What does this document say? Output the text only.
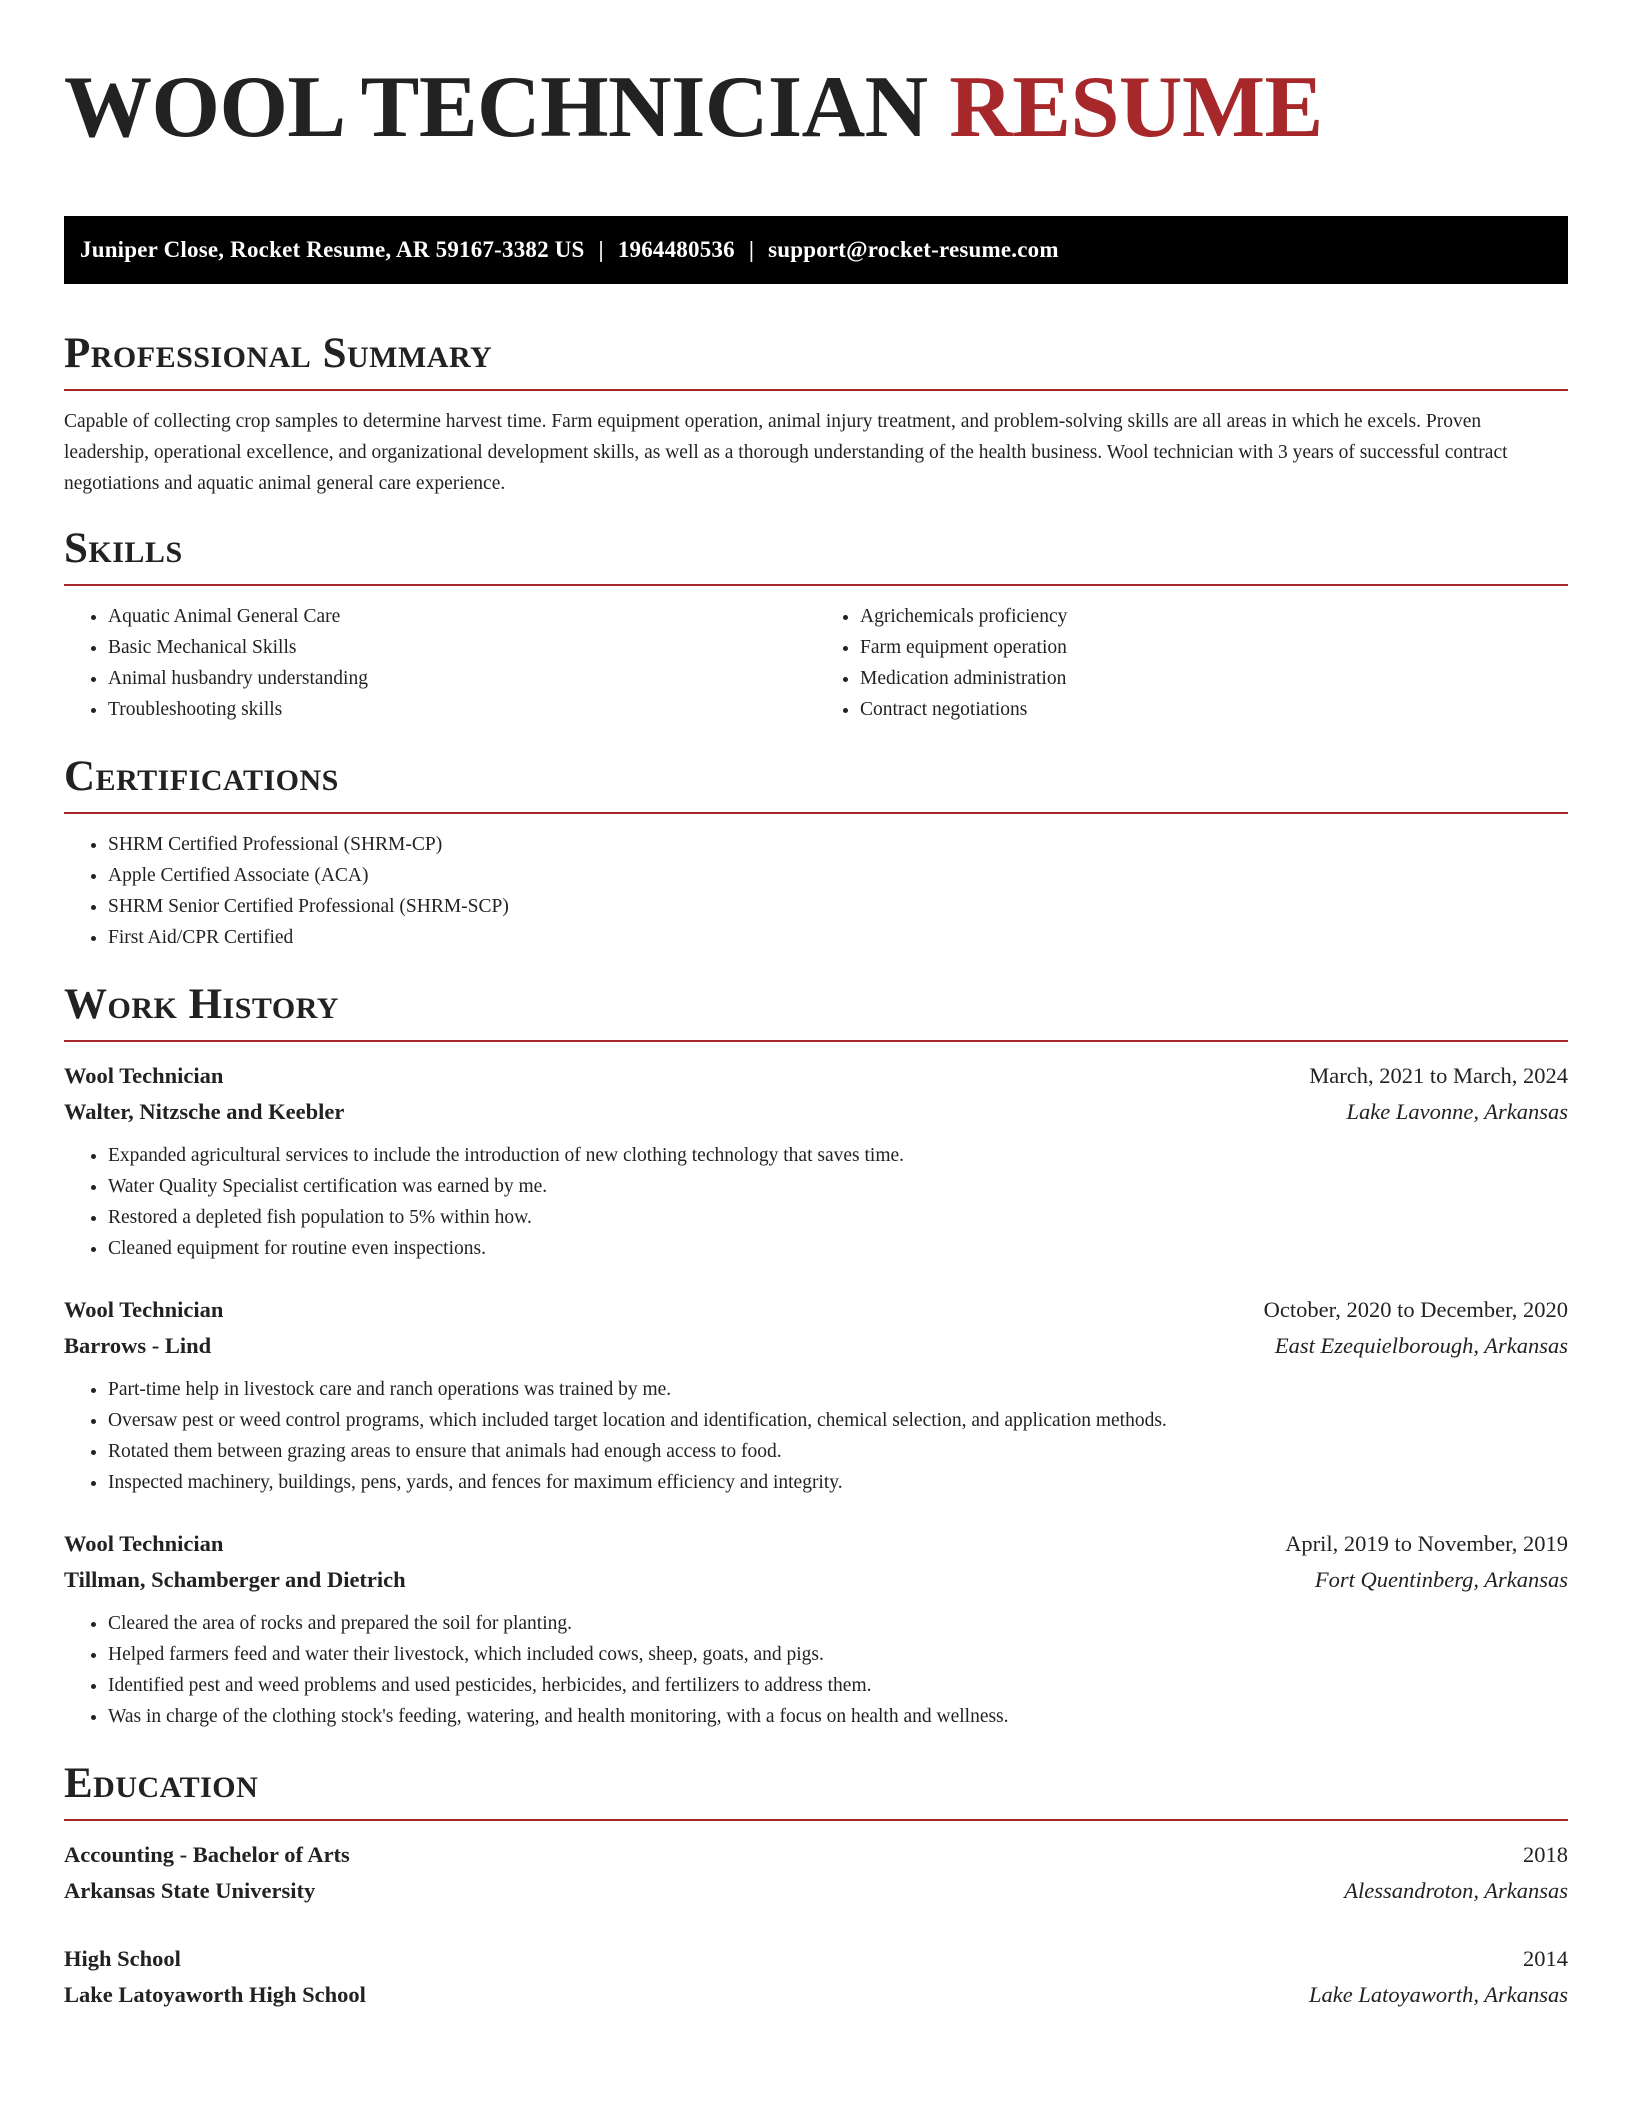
WOOL TECHNICIAN RESUME
Juniper Close, Rocket Resume, AR 59167-3382 US | 1964480536 | support@rocket-resume.com
Professional Summary
Capable of collecting crop samples to determine harvest time. Farm equipment operation, animal injury treatment, and problem-solving skills are all areas in which he excels. Proven leadership, operational excellence, and organizational development skills, as well as a thorough understanding of the health business. Wool technician with 3 years of successful contract negotiations and aquatic animal general care experience.
Skills
• Aquatic Animal General Care
• Basic Mechanical Skills
• Animal husbandry understanding
• Troubleshooting skills
• Agrichemicals proficiency
• Farm equipment operation
• Medication administration
• Contract negotiations
Certifications
• SHRM Certified Professional (SHRM-CP)
• Apple Certified Associate (ACA)
• SHRM Senior Certified Professional (SHRM-SCP)
• First Aid/CPR Certified
Work History
Wool Technician	March, 2021 to March, 2024
Walter, Nitzsche and Keebler	Lake Lavonne, Arkansas
• Expanded agricultural services to include the introduction of new clothing technology that saves time.
• Water Quality Specialist certification was earned by me.
• Restored a depleted fish population to 5% within how.
• Cleaned equipment for routine even inspections.
Wool Technician	October, 2020 to December, 2020
Barrows - Lind	East Ezequielborough, Arkansas
• Part-time help in livestock care and ranch operations was trained by me.
• Oversaw pest or weed control programs, which included target location and identification, chemical selection, and application methods.
• Rotated them between grazing areas to ensure that animals had enough access to food.
• Inspected machinery, buildings, pens, yards, and fences for maximum efficiency and integrity.
Wool Technician	April, 2019 to November, 2019
Tillman, Schamberger and Dietrich	Fort Quentinberg, Arkansas
• Cleared the area of rocks and prepared the soil for planting.
• Helped farmers feed and water their livestock, which included cows, sheep, goats, and pigs.
• Identified pest and weed problems and used pesticides, herbicides, and fertilizers to address them.
• Was in charge of the clothing stock's feeding, watering, and health monitoring, with a focus on health and wellness.
Education
Accounting - Bachelor of Arts	2018
Arkansas State University	Alessandroton, Arkansas
High School	2014
Lake Latoyaworth High School	Lake Latoyaworth, Arkansas
